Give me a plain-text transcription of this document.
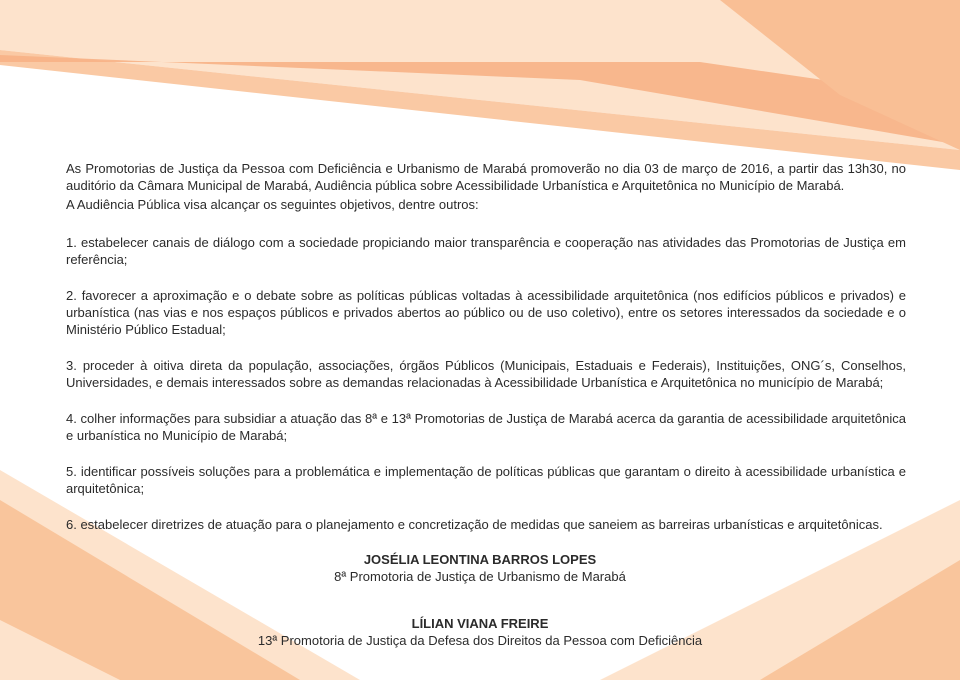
As Promotorias de Justiça da Pessoa com Deficiência e Urbanismo de Marabá promoverão no dia 03 de março de 2016, a partir das 13h30, no auditório da Câmara Municipal de Marabá, Audiência pública sobre Acessibilidade Urbanística e Arquitetônica no Município de Marabá.

A Audiência Pública visa alcançar os seguintes objetivos, dentre outros:

1. estabelecer canais de diálogo com a sociedade propiciando maior transparência e cooperação nas atividades das Promotorias de Justiça em referência;

2. favorecer a aproximação e o debate sobre as políticas públicas voltadas à acessibilidade arquitetônica (nos edifícios públicos e privados) e urbanística (nas vias e nos espaços públicos e privados abertos ao público ou de uso coletivo), entre os setores interessados da sociedade e o Ministério Público Estadual;

3. proceder à oitiva direta da população, associações, órgãos Públicos (Municipais, Estaduais e Federais), Instituições, ONG´s, Conselhos, Universidades, e demais interessados sobre as demandas relacionadas à Acessibilidade Urbanística e Arquitetônica no município de Marabá;

4. colher informações para subsidiar a atuação das 8ª e 13ª Promotorias de Justiça de Marabá acerca da garantia de acessibilidade arquitetônica e urbanística no Município de Marabá;

5. identificar possíveis soluções para a problemática e implementação de políticas públicas que garantam o direito à acessibilidade urbanística e arquitetônica;

6. estabelecer diretrizes de atuação para o planejamento e concretização de medidas que saneiem as barreiras urbanísticas e arquitetônicas.

JOSÉLIA LEONTINA BARROS LOPES
8ª Promotoria de Justiça de Urbanismo de Marabá
LÍLIAN VIANA FREIRE
13ª Promotoria de Justiça da Defesa dos Direitos da Pessoa com Deficiência
